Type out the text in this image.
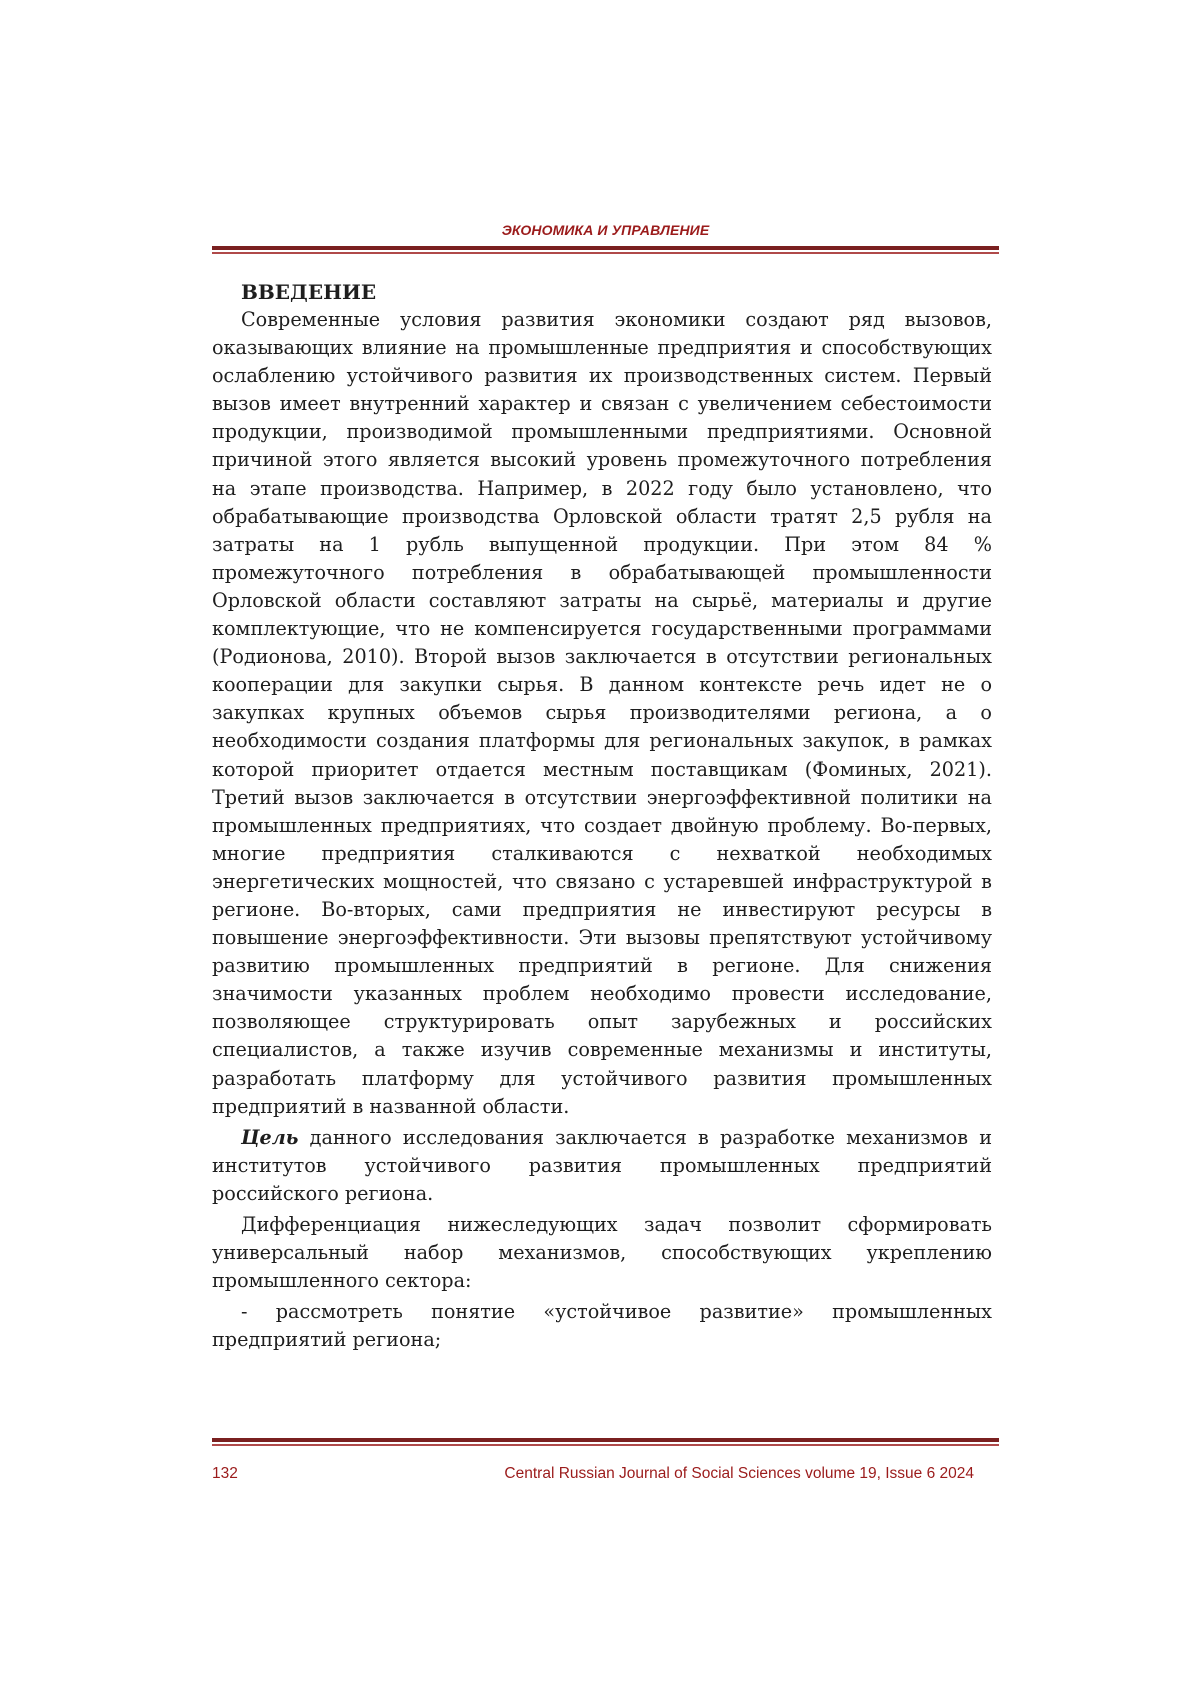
ЭКОНОМИКА И УПРАВЛЕНИЕ
ВВЕДЕНИЕ

Современные условия развития экономики создают ряд вызовов, оказывающих влияние на промышленные предприятия и способствующих ослаблению устойчивого развития их производственных систем. Первый вызов имеет внутренний характер и связан с увеличением себестоимости продукции, производимой промышленными предприятиями. Основной причиной этого является высокий уровень промежуточного потребления на этапе производства. Например, в 2022 году было установлено, что обрабатывающие производства Орловской области тратят 2,5 рубля на затраты на 1 рубль выпущенной продукции. При этом 84 % промежуточного потребления в обрабатывающей промышленности Орловской области составляют затраты на сырьё, материалы и другие комплектующие, что не компенсируется государственными программами (Родионова, 2010). Второй вызов заключается в отсутствии региональных кооперации для закупки сырья. В данном контексте речь идет не о закупках крупных объемов сырья производителями региона, а о необходимости создания платформы для региональных закупок, в рамках которой приоритет отдается местным поставщикам (Фоминых, 2021). Третий вызов заключается в отсутствии энергоэффективной политики на промышленных предприятиях, что создает двойную проблему. Во-первых, многие предприятия сталкиваются с нехваткой необходимых энергетических мощностей, что связано с устаревшей инфраструктурой в регионе. Во-вторых, сами предприятия не инвестируют ресурсы в повышение энергоэффективности. Эти вызовы препятствуют устойчивому развитию промышленных предприятий в регионе. Для снижения значимости указанных проблем необходимо провести исследование, позволяющее структурировать опыт зарубежных и российских специалистов, а также изучив современные механизмы и институты, разработать платформу для устойчивого развития промышленных предприятий в названной области.

Цель данного исследования заключается в разработке механизмов и институтов устойчивого развития промышленных предприятий российского региона.

Дифференциация нижеследующих задач позволит сформировать универсальный набор механизмов, способствующих укреплению промышленного сектора:

- рассмотреть понятие «устойчивое развитие» промышленных предприятий региона;

132	Central Russian Journal of Social Sciences volume 19, Issue 6 2024
